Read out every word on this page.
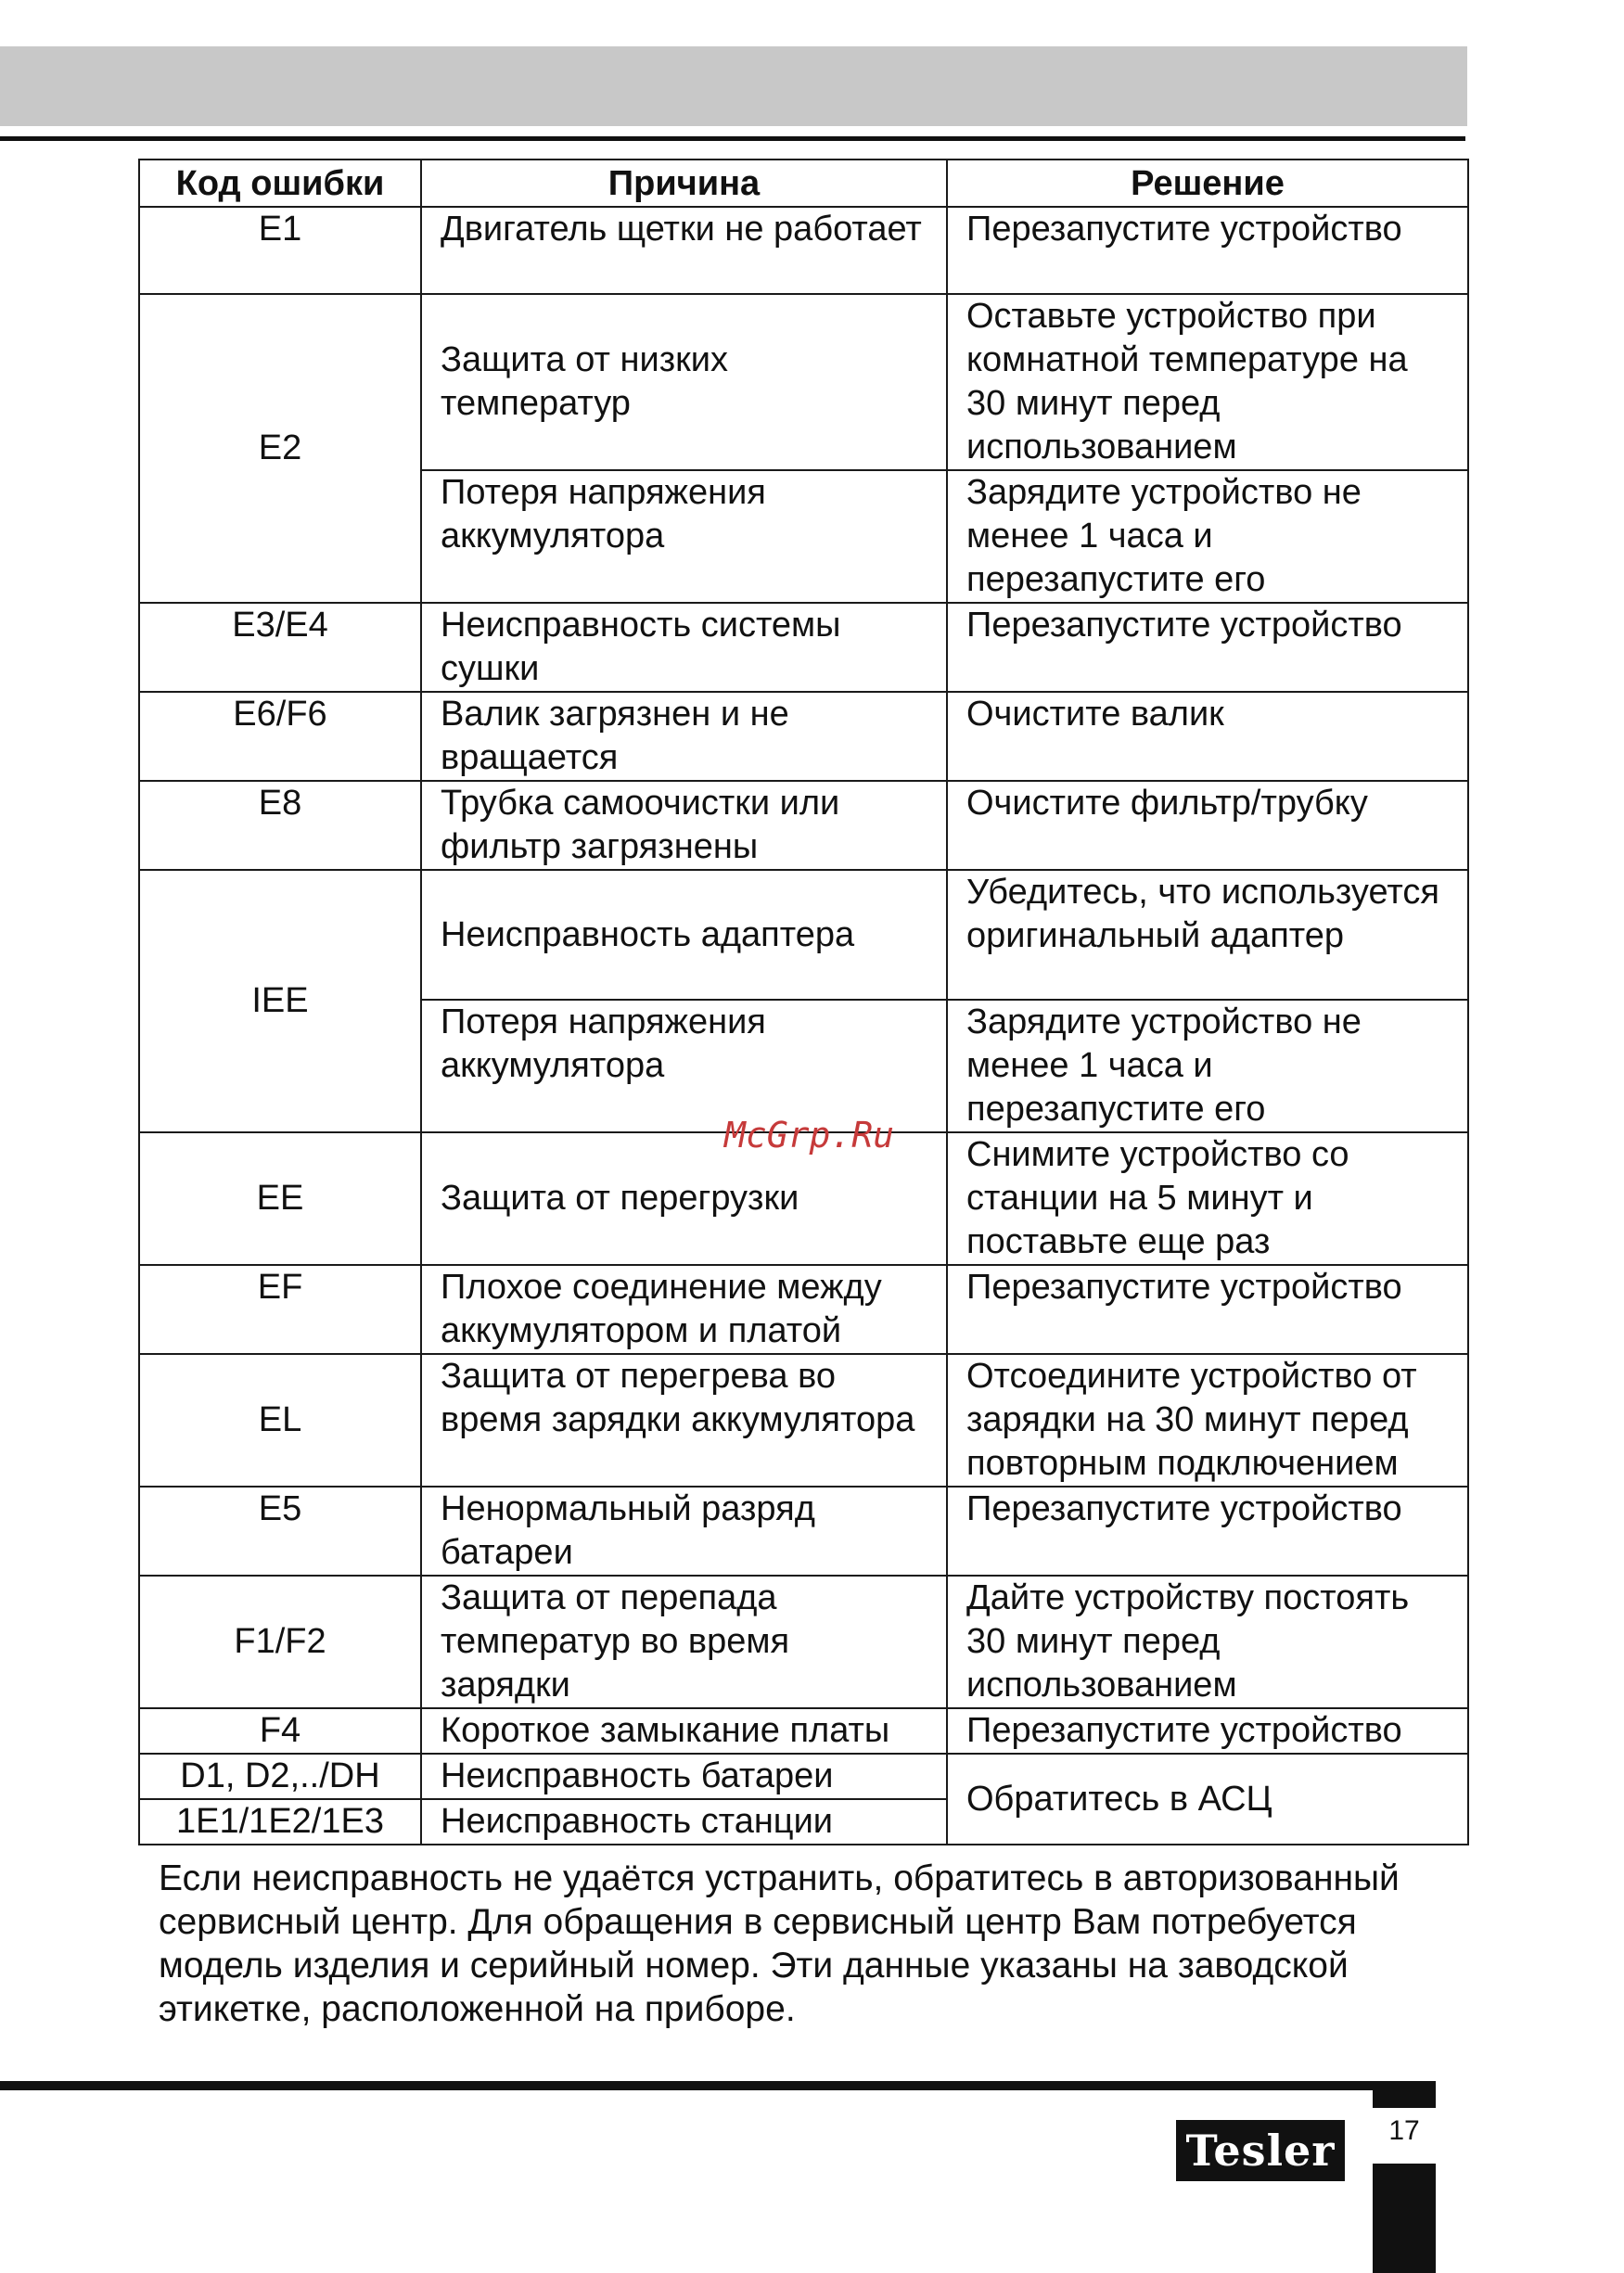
Код ошибки	Причина	Решение
E1	Двигатель щетки не работает	Перезапустите устройство
E2	Защита от низких температур	Оставьте устройство при комнатной температуре на 30 минут перед использованием
	Потеря напряжения аккумулятора	Зарядите устройство не менее 1 часа и перезапустите его
E3/E4	Неисправность системы сушки	Перезапустите устройство
E6/F6	Валик загрязнен и не вращается	Очистите валик
E8	Трубка самоочистки или фильтр загрязнены	Очистите фильтр/трубку
IEE	Неисправность адаптера	Убедитесь, что используется оригинальный адаптер
	Потеря напряжения аккумулятора	Зарядите устройство не менее 1 часа и перезапустите его
EE	Защита от перегрузки	Снимите устройство со станции на 5 минут и поставьте еще раз
EF	Плохое соединение между аккумулятором и платой	Перезапустите устройство
EL	Защита от перегрева во время зарядки аккумулятора	Отсоедините устройство от зарядки на 30 минут перед повторным подключением
E5	Ненормальный разряд батареи	Перезапустите устройство
F1/F2	Защита от перепада температур во время зарядки	Дайте устройству постоять 30 минут перед использованием
F4	Короткое замыкание платы	Перезапустите устройство
D1, D2,../DH	Неисправность батареи	Обратитесь в АСЦ
1E1/1E2/1E3	Неисправность станции	
McGrp.Ru

Если неисправность не удаётся устранить, обратитесь в авторизованный сервисный центр. Для обращения в сервисный центр Вам потребуется модель изделия и серийный номер. Эти данные указаны на заводской этикетке, расположенной на приборе.

Tesler	17
